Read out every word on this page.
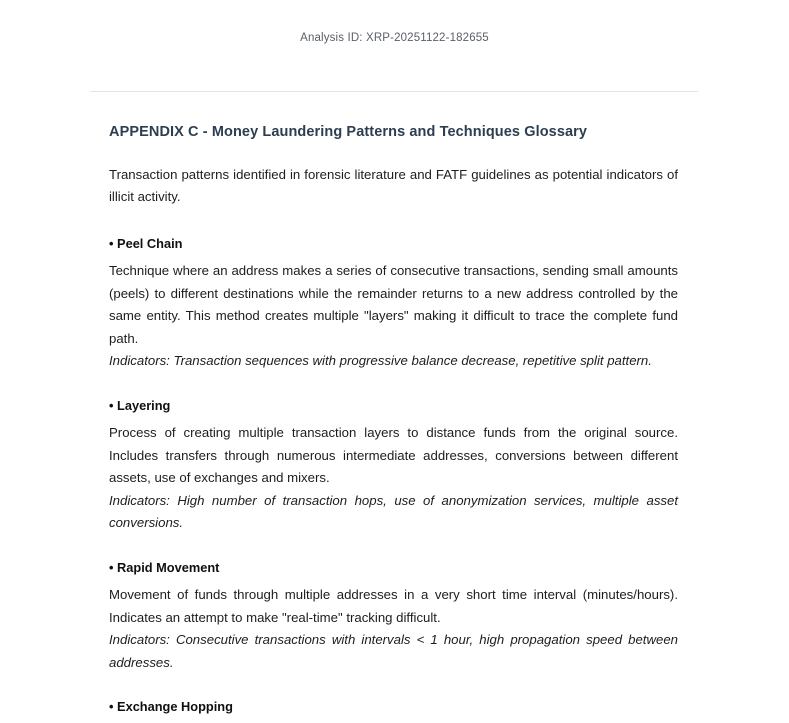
Analysis ID: XRP-20251122-182655
APPENDIX C - Money Laundering Patterns and Techniques Glossary

Transaction patterns identified in forensic literature and FATF guidelines as potential indicators of illicit activity.

• Peel Chain

Technique where an address makes a series of consecutive transactions, sending small amounts (peels) to different destinations while the remainder returns to a new address controlled by the same entity. This method creates multiple "layers" making it difficult to trace the complete fund path.

Indicators: Transaction sequences with progressive balance decrease, repetitive split pattern.

• Layering

Process of creating multiple transaction layers to distance funds from the original source. Includes transfers through numerous intermediate addresses, conversions between different assets, use of exchanges and mixers.

Indicators: High number of transaction hops, use of anonymization services, multiple asset conversions.

• Rapid Movement

Movement of funds through multiple addresses in a very short time interval (minutes/hours). Indicates an attempt to make "real-time" tracking difficult.

Indicators: Consecutive transactions with intervals < 1 hour, high propagation speed between addresses.

• Exchange Hopping
